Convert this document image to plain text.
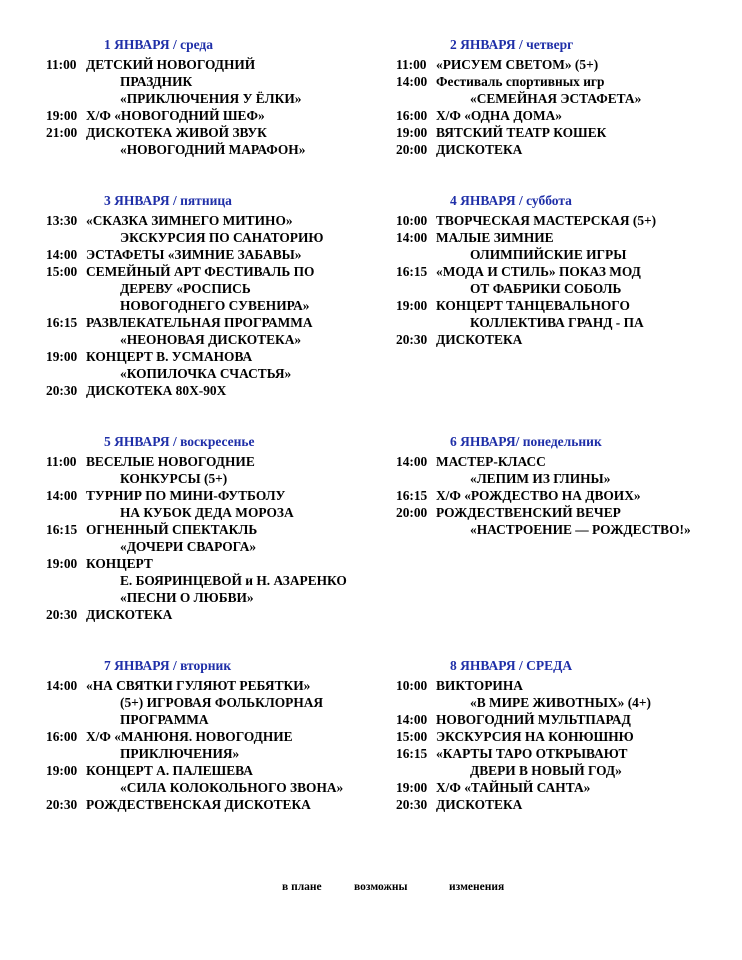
1 ЯНВАРЯ / среда
11:00 ДЕТСКИЙ НОВОГОДНИЙ
ПРАЗДНИК
«ПРИКЛЮЧЕНИЯ У ЁЛКИ»
19:00 Х/Ф «НОВОГОДНИЙ ШЕФ»
21:00 ДИСКОТЕКА ЖИВОЙ ЗВУК
«НОВОГОДНИЙ МАРАФОН»
2 ЯНВАРЯ / четверг
11:00 «РИСУЕМ СВЕТОМ» (5+)
14:00 Фестиваль спортивных игр
«СЕМЕЙНАЯ ЭСТАФЕТА»
16:00 Х/Ф «ОДНА ДОМА»
19:00 ВЯТСКИЙ ТЕАТР КОШЕК
20:00 ДИСКОТЕКА
3 ЯНВАРЯ / пятница
13:30 «СКАЗКА ЗИМНЕГО МИТИНО»
ЭКСКУРСИЯ ПО САНАТОРИЮ
14:00 ЭСТАФЕТЫ «ЗИМНИЕ ЗАБАВЫ»
15:00 СЕМЕЙНЫЙ АРТ ФЕСТИВАЛЬ ПО
ДЕРЕВУ «РОСПИСЬ
НОВОГОДНЕГО СУВЕНИРА»
16:15 РАЗВЛЕКАТЕЛЬНАЯ ПРОГРАММА
«НЕОНОВАЯ ДИСКОТЕКА»
19:00 КОНЦЕРТ В. УСМАНОВА
«КОПИЛОЧКА СЧАСТЬЯ»
20:30 ДИСКОТЕКА 80Х-90Х
4 ЯНВАРЯ / суббота
10:00 ТВОРЧЕСКАЯ МАСТЕРСКАЯ (5+)
14:00 МАЛЫЕ ЗИМНИЕ
ОЛИМПИЙСКИЕ ИГРЫ
16:15 «МОДА И СТИЛЬ» ПОКАЗ МОД
ОТ ФАБРИКИ СОБОЛЬ
19:00 КОНЦЕРТ ТАНЦЕВАЛЬНОГО
КОЛЛЕКТИВА ГРАНД - ПА
20:30 ДИСКОТЕКА
5 ЯНВАРЯ / воскресенье
11:00 ВЕСЕЛЫЕ НОВОГОДНИЕ
КОНКУРСЫ (5+)
14:00 ТУРНИР ПО МИНИ-ФУТБОЛУ
НА КУБОК ДЕДА МОРОЗА
16:15 ОГНЕННЫЙ СПЕКТАКЛЬ
«ДОЧЕРИ СВАРОГА»
19:00 КОНЦЕРТ
Е. БОЯРИНЦЕВОЙ и Н. АЗАРЕНКО
«ПЕСНИ О ЛЮБВИ»
20:30 ДИСКОТЕКА
6 ЯНВАРЯ/ понедельник
14:00 МАСТЕР-КЛАСС
«ЛЕПИМ ИЗ ГЛИНЫ»
16:15 Х/Ф «РОЖДЕСТВО НА ДВОИХ»
20:00 РОЖДЕСТВЕНСКИЙ ВЕЧЕР
«НАСТРОЕНИЕ — РОЖДЕСТВО!»
7 ЯНВАРЯ / вторник
14:00 «НА СВЯТКИ ГУЛЯЮТ РЕБЯТКИ»
(5+) ИГРОВАЯ ФОЛЬКЛОРНАЯ
ПРОГРАММА
16:00 Х/Ф «МАНЮНЯ. НОВОГОДНИЕ
ПРИКЛЮЧЕНИЯ»
19:00 КОНЦЕРТ А. ПАЛЕШЕВА
«СИЛА КОЛОКОЛЬНОГО ЗВОНА»
20:30 РОЖДЕСТВЕНСКАЯ ДИСКОТЕКА
8 ЯНВАРЯ / СРЕДА
10:00 ВИКТОРИНА
«В МИРЕ ЖИВОТНЫХ» (4+)
14:00 НОВОГОДНИЙ МУЛЬТПАРАД
15:00 ЭКСКУРСИЯ НА КОНЮШНЮ
16:15 «КАРТЫ ТАРО ОТКРЫВАЮТ
ДВЕРИ В НОВЫЙ ГОД»
19:00 Х/Ф «ТАЙНЫЙ САНТА»
20:30 ДИСКОТЕКА
в плане	возможны	изменения
